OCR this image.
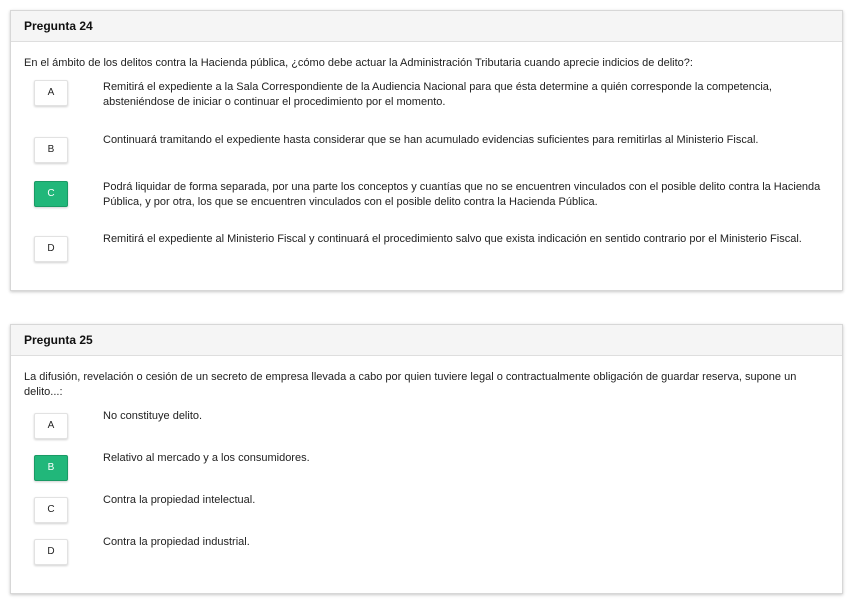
Pregunta 24
En el ámbito de los delitos contra la Hacienda pública, ¿cómo debe actuar la Administración Tributaria cuando aprecie indicios de delito?:
A	Remitirá el expediente a la Sala Correspondiente de la Audiencia Nacional para que ésta determine a quién corresponde la competencia, absteniéndose de iniciar o continuar el procedimiento por el momento.
B
Continuará tramitando el expediente hasta considerar que se han acumulado evidencias suficientes para remitirlas al Ministerio Fiscal.
C
Podrá liquidar de forma separada, por una parte los conceptos y cuantías que no se encuentren vinculados con el posible delito contra la Hacienda Pública, y por otra, los que se encuentren vinculados con el posible delito contra la Hacienda Pública.
D
Remitirá el expediente al Ministerio Fiscal y continuará el procedimiento salvo que exista indicación en sentido contrario por el Ministerio Fiscal.
Pregunta 25
La difusión, revelación o cesión de un secreto de empresa llevada a cabo por quien tuviere legal o contractualmente obligación de guardar reserva, supone un delito...:
A
No constituye delito.
B
Relativo al mercado y a los consumidores.
C
Contra la propiedad intelectual.
D
Contra la propiedad industrial.
